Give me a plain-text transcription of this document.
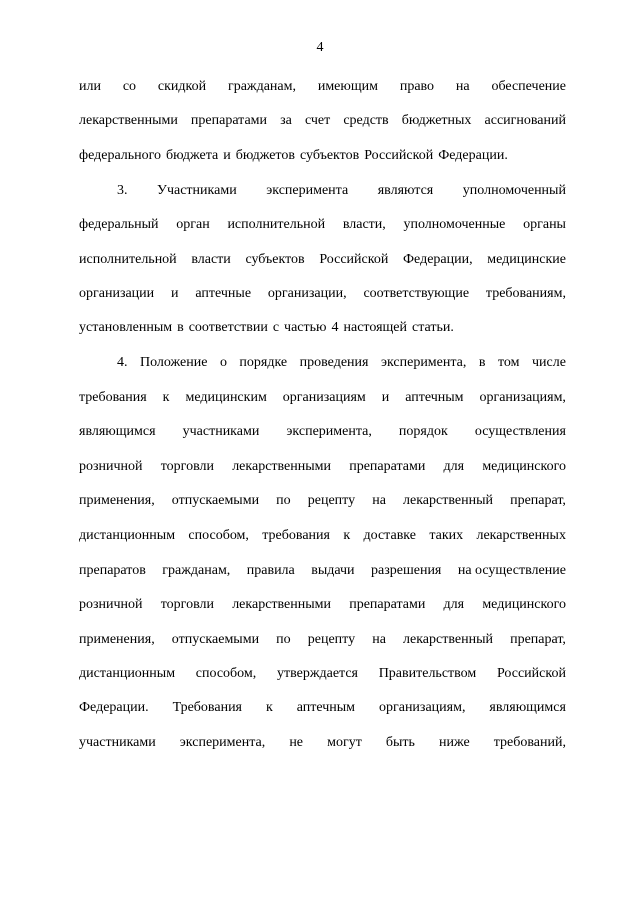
4
или со скидкой гражданам, имеющим право на обеспечение
лекарственными препаратами за счет средств бюджетных ассигнований
федерального бюджета и бюджетов субъектов Российской Федерации.
3. Участниками эксперимента являются уполномоченный
федеральный орган исполнительной власти, уполномоченные органы
исполнительной власти субъектов Российской Федерации, медицинские
организации и аптечные организации, соответствующие требованиям,
установленным в соответствии с частью 4 настоящей статьи.
4. Положение о порядке проведения эксперимента, в том числе
требования к медицинским организациям и аптечным организациям,
являющимся участниками эксперимента, порядок осуществления
розничной торговли лекарственными препаратами для медицинского
применения, отпускаемыми по рецепту на лекарственный препарат,
дистанционным способом, требования к доставке таких лекарственных
препаратов гражданам, правила выдачи разрешения на осуществление
розничной торговли лекарственными препаратами для медицинского
применения, отпускаемыми по рецепту на лекарственный препарат,
дистанционным способом, утверждается Правительством Российской
Федерации. Требования к аптечным организациям, являющимся
участниками эксперимента, не могут быть ниже требований,
